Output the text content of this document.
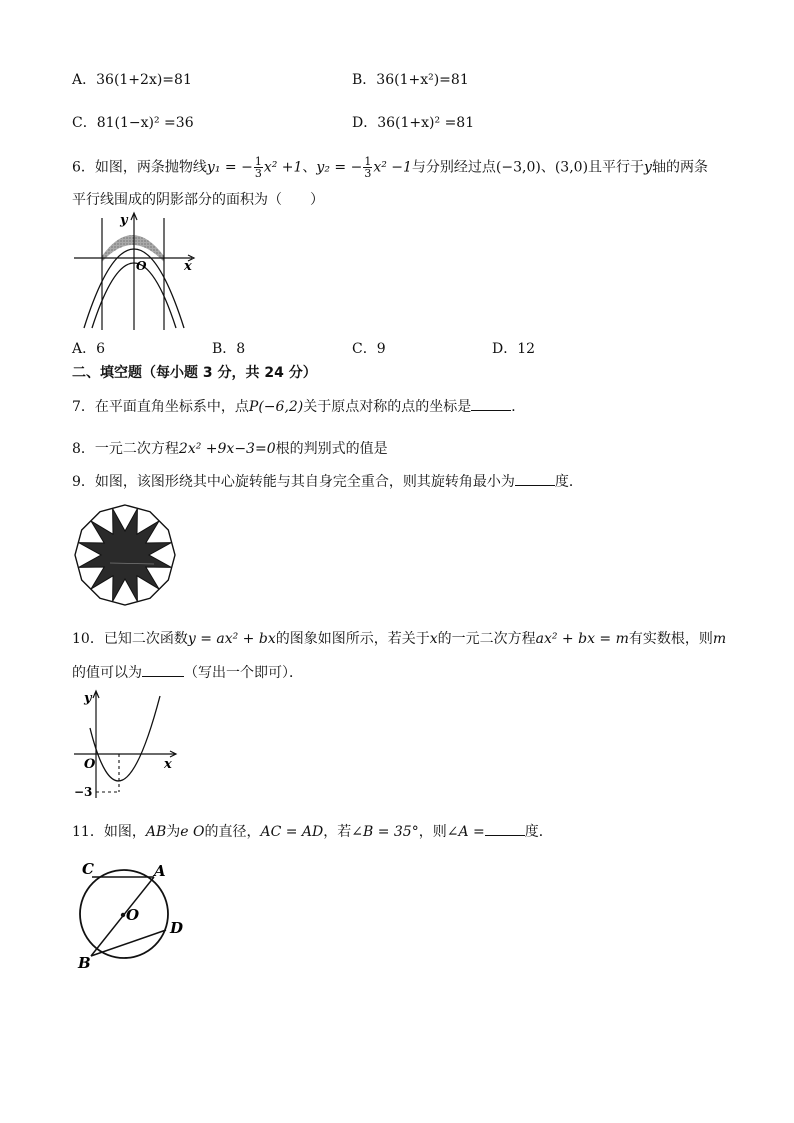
A．36(1+2x)=81	B．36(1+x²)=81
C．81(1−x)² =36	D．36(1+x)² =81
6．如图，两条抛物线y₁ = − $\frac{1}{3} x^2 +1$、y₂ = − $\frac{1}{3} x^2 -1$与分别经过点(−3,0)、(3,0)且平行于y轴的两条
平行线围成的阴影部分的面积为（　　）
y
x
O
A．6	B．8	C．9	D．12
二、填空题（每小题 3 分，共 24 分）
7．在平面直角坐标系中，点P(−6,2)关于原点对称的点的坐标是	．
8．一元二次方程2x² +9x−3=0根的判别式的值是
9．如图，该图形绕其中心旋转能与其自身完全重合，则其旋转角最小为	度．
10．已知二次函数y = ax² + bx的图象如图所示，若关于x的一元二次方程ax² + bx = m有实数根，则m
的值可以为	（写出一个即可）．
y
x
O
−3
11．如图，AB为e O的直径，AC = AD，若∠B = 35°，则∠A =	度．
C	A
O
D
B
